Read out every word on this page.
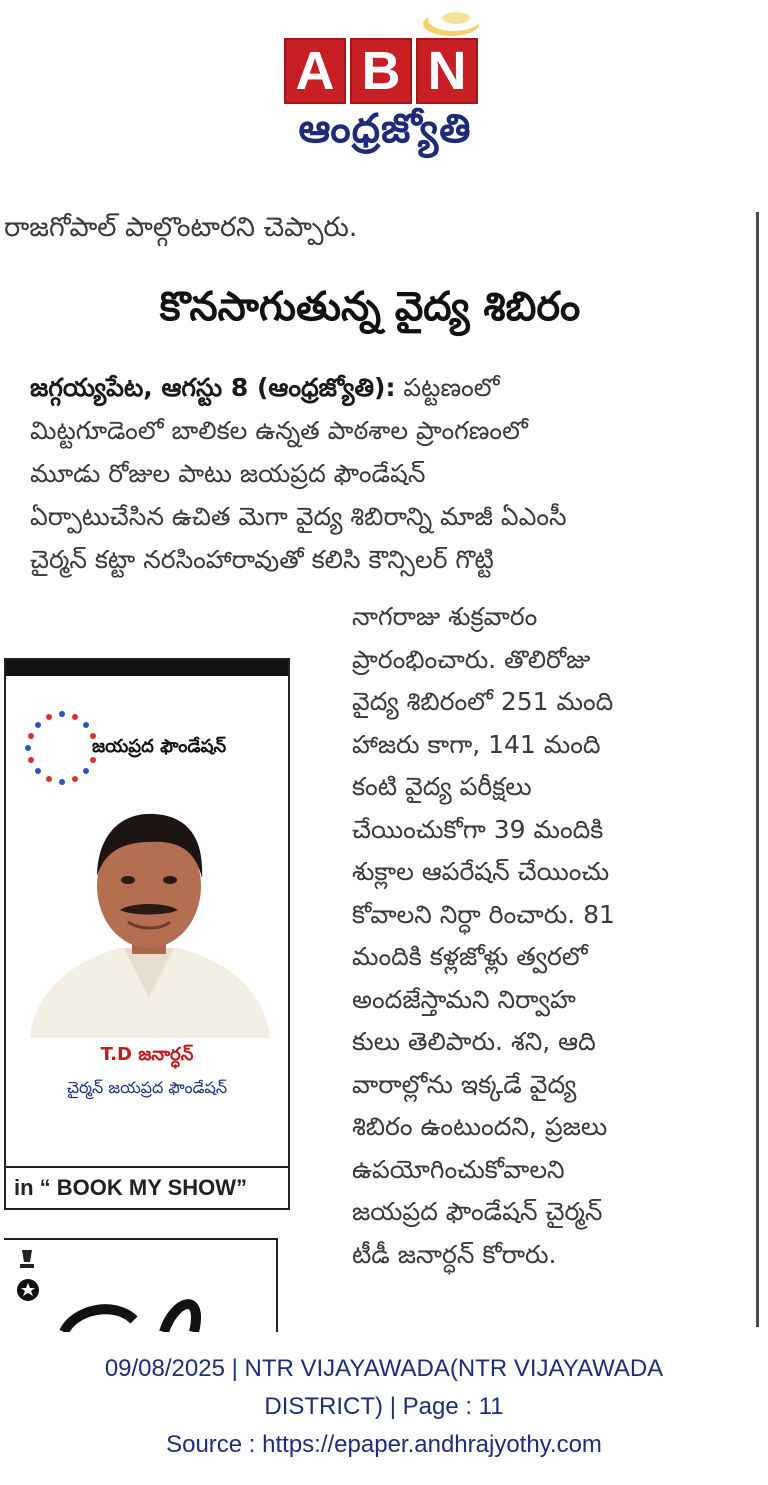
A B N
ఆంధ్రజ్యోతి
రాజగోపాల్ పాల్గొంటారని చెప్పారు.
కొనసాగుతున్న వైద్య శిబిరం
జగ్గయ్యపేట, ఆగస్టు 8 (ఆంధ్రజ్యోతి): పట్టణంలో
మిట్టగూడెంలో బాలికల ఉన్నత పాఠశాల ప్రాంగణంలో
మూడు రోజుల పాటు జయప్రద ఫౌండేషన్
ఏర్పాటుచేసిన ఉచిత మెగా వైద్య శిబిరాన్ని మాజీ ఏఎంసీ
చైర్మన్ కట్టా నరసింహారావుతో కలిసి కౌన్సిలర్ గొట్టి
నాగరాజు శుక్రవారం
ప్రారంభించారు. తొలిరోజు
వైద్య శిబిరంలో 251 మంది
హాజరు కాగా, 141 మంది
కంటి వైద్య పరీక్షలు
చేయించుకోగా 39 మందికి
శుక్లాల ఆపరేషన్ చేయించు
కోవాలని నిర్ధా రించారు. 81
మందికి కళ్లజోళ్లు త్వరలో
అందజేస్తామని నిర్వాహ
కులు తెలిపారు. శని, ఆది
వారాల్లోను ఇక్కడే వైద్య
శిబిరం ఉంటుందని, ప్రజలు
ఉపయోగించుకోవాలని
జయప్రద ఫౌండేషన్ చైర్మన్
టీడీ జనార్ధన్ కోరారు.
జయప్రద ఫౌండేషన్
T.D జనార్ధన్
చైర్మన్ జయప్రద ఫౌండేషన్
in “ BOOK MY SHOW”
09/08/2025 | NTR VIJAYAWADA(NTR VIJAYAWADA
DISTRICT) | Page : 11
Source : https://epaper.andhrajyothy.com
